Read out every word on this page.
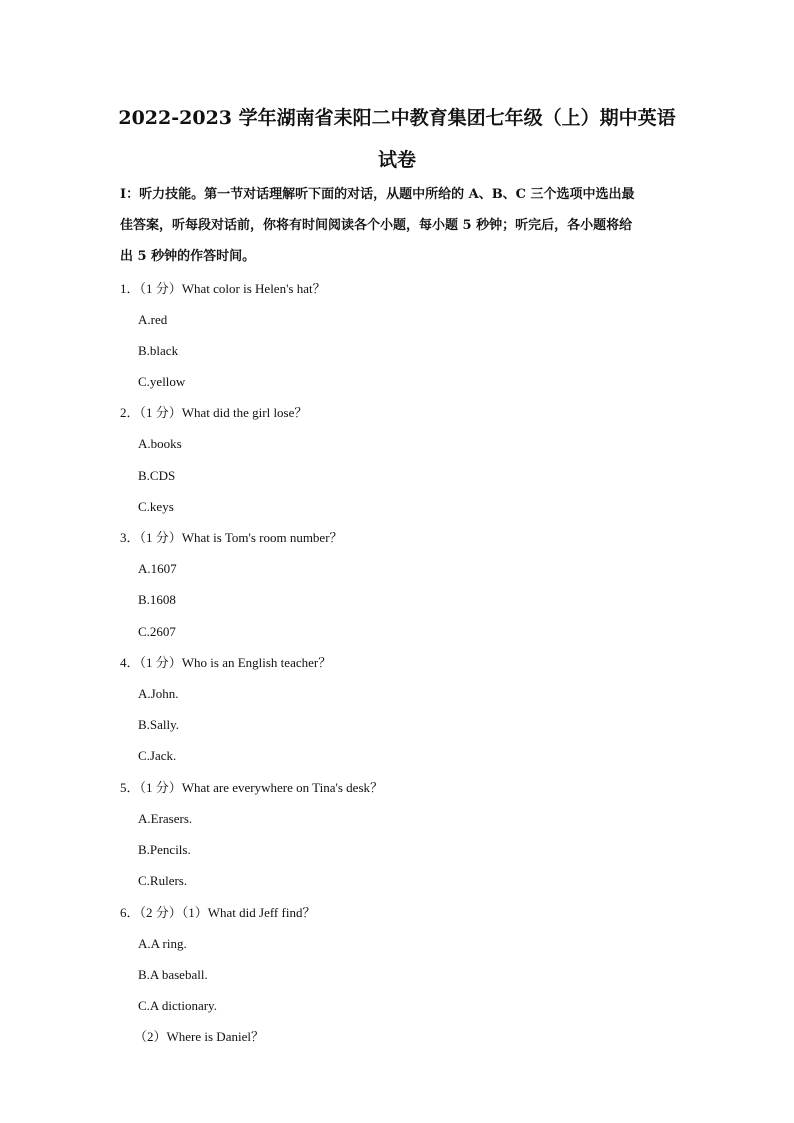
2022-2023 学年湖南省耒阳二中教育集团七年级（上）期中英语
试卷
I：听力技能。第一节对话理解听下面的对话，从题中所给的 A、B、C 三个选项中选出最
佳答案，听每段对话前，你将有时间阅读各个小题，每小题 5 秒钟；听完后，各小题将给
出 5 秒钟的作答时间。
1．（1 分）What color is Helen's hat？
A.red
B.black
C.yellow
2．（1 分）What did the girl lose？
A.books
B.CDS
C.keys
3．（1 分）What is Tom's room number？
A.1607
B.1608
C.2607
4．（1 分）Who is an English teacher？
A.John.
B.Sally.
C.Jack.
5．（1 分）What are everywhere on Tina's desk？
A.Erasers.
B.Pencils.
C.Rulers.
6．（2 分）（1）What did Jeff find？
A.A ring.
B.A baseball.
C.A dictionary.
（2）Where is Daniel？
